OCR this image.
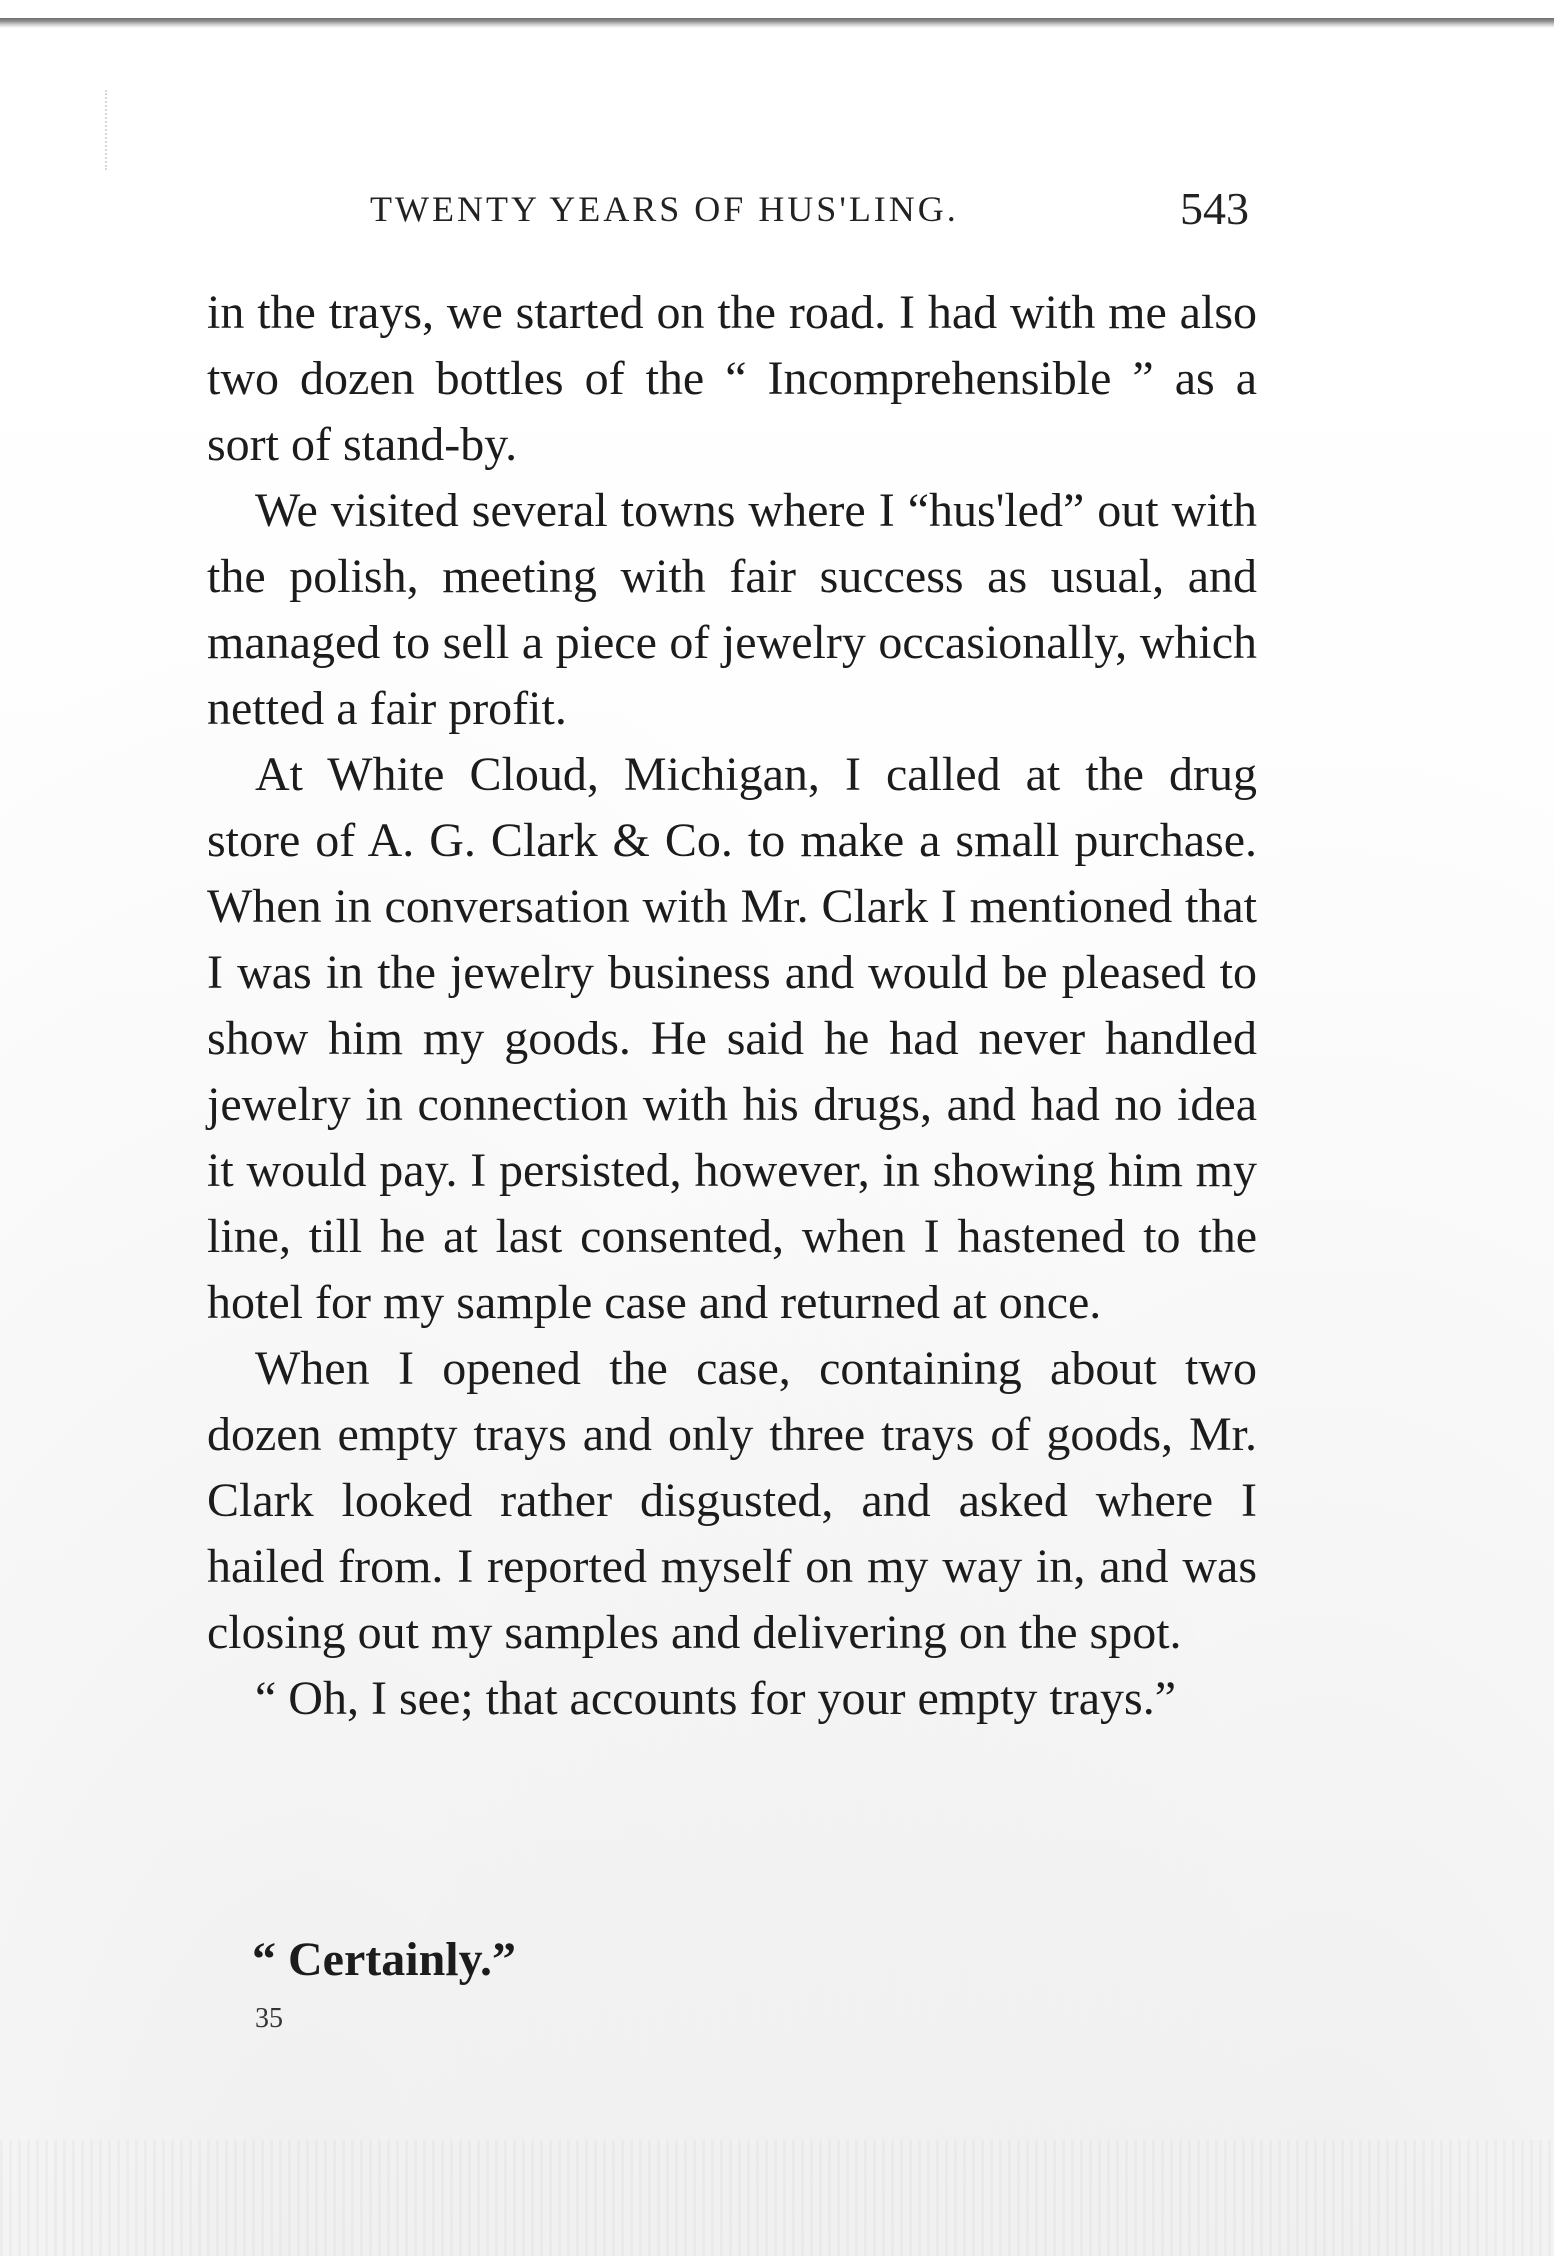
TWENTY YEARS OF HUS'LING.	543

in the trays, we started on the road. I had with me also two dozen bottles of the “ Incomprehensible ” as a sort of stand-by.

We visited several towns where I “hus'led” out with the polish, meeting with fair success as usual, and managed to sell a piece of jewelry occasionally, which netted a fair profit.

At White Cloud, Michigan, I called at the drug store of A. G. Clark & Co. to make a small purchase. When in conversation with Mr. Clark I mentioned that I was in the jewelry business and would be pleased to show him my goods. He said he had never handled jewelry in connection with his drugs, and had no idea it would pay. I persisted, however, in showing him my line, till he at last consented, when I hastened to the hotel for my sample case and returned at once.

When I opened the case, containing about two dozen empty trays and only three trays of goods, Mr. Clark looked rather disgusted, and asked where I hailed from. I reported myself on my way in, and was closing out my samples and delivering on the spot.

“ Oh, I see; that accounts for your empty trays.”

“ Certainly.”
35
